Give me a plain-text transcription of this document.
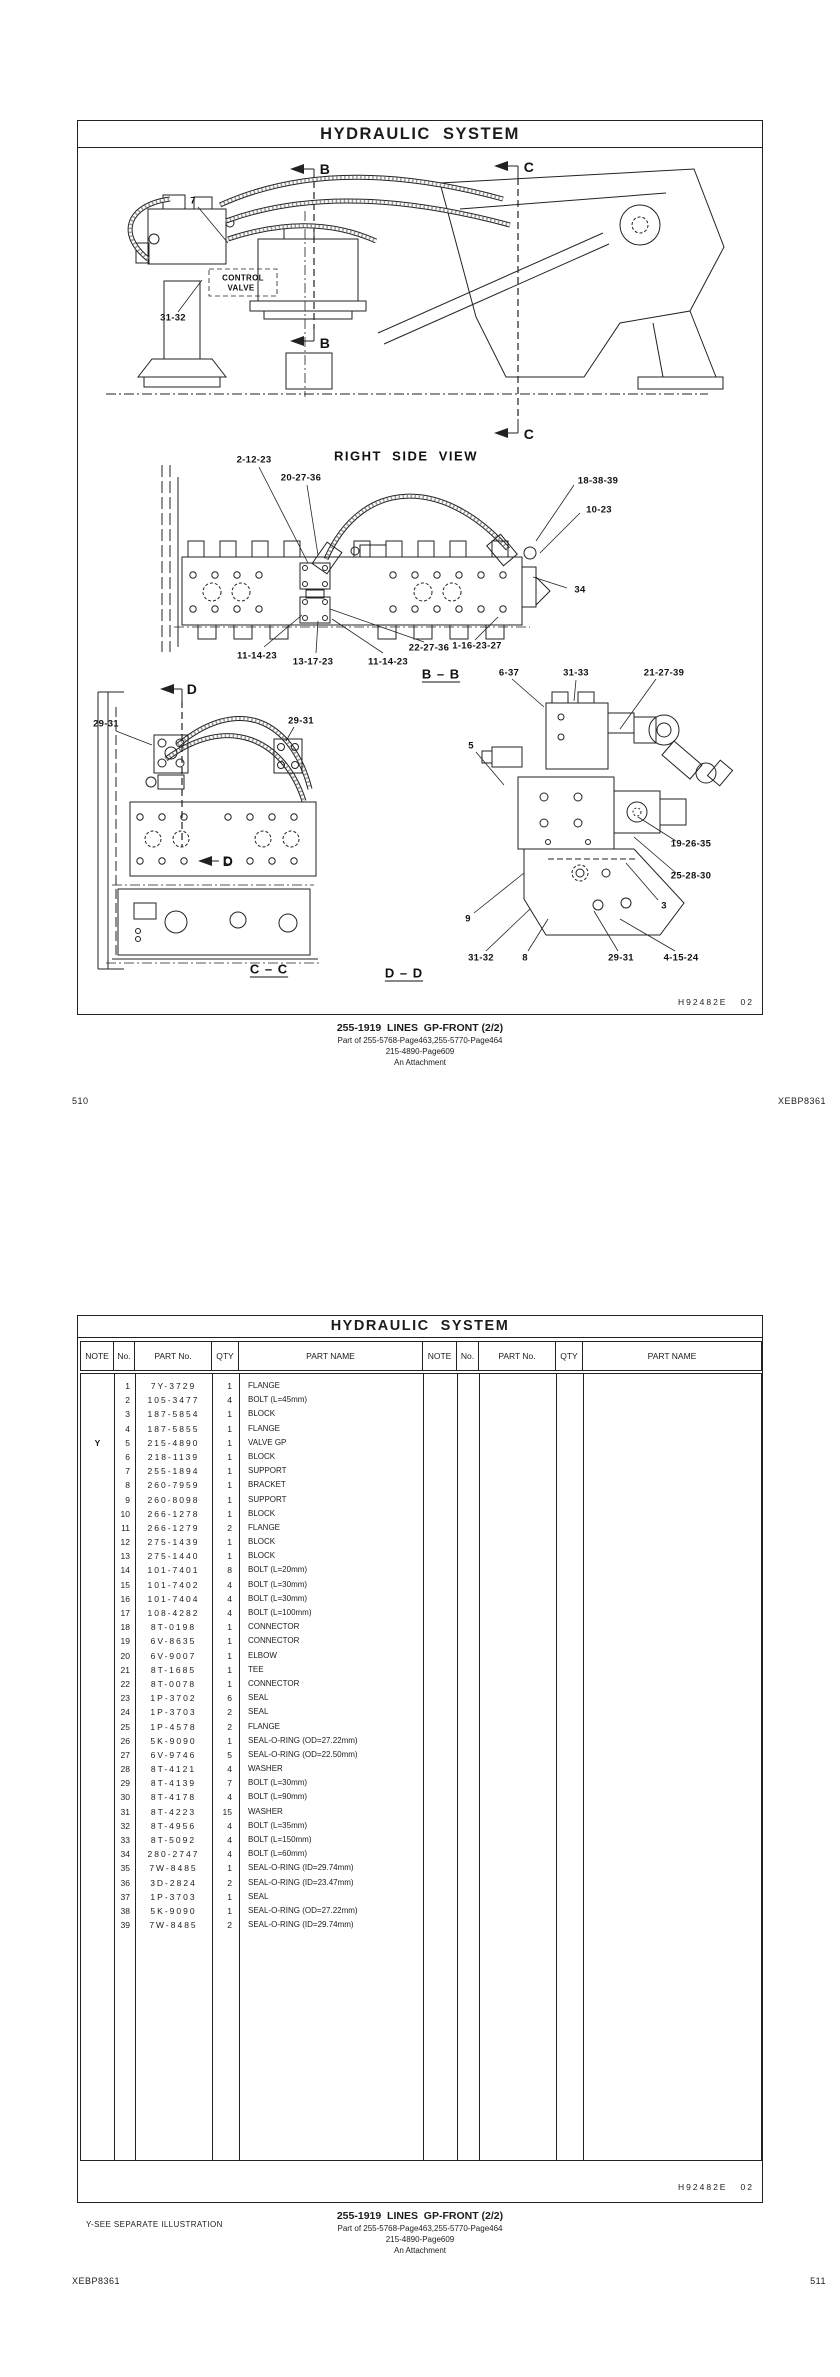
HYDRAULIC  SYSTEM
7
CONTROL
VALVE
31-32
B
B
C
C
RIGHT  SIDE  VIEW
2-12-23
20-27-36	18-38-39
10-23
34
11-14-23
13-17-23	11-14-23
22-27-36 1-16-23-27
B – B
D
D
29-31	29-31
C – C
6-37	31-33	21-27-39
5
19-26-35
25-28-30
3
9
31-32	8	29-31	4-15-24
D – D
H92482E   02
255-1919  LINES  GP-FRONT (2/2)
Part of 255-5768-Page463,255-5770-Page464
215-4890-Page609
An Attachment
510	XEBP8361
HYDRAULIC  SYSTEM
NOTE	No.	PART No.	QTY	PART NAME	NOTE	No.	PART No.	QTY	PART NAME
1	7Y-3729	1	FLANGE
2	105-3477	4	BOLT (L=45mm)
3	187-5854	1	BLOCK
4	187-5855	1	FLANGE
Y	5	215-4890	1	VALVE GP
6	218-1139	1	BLOCK
7	255-1894	1	SUPPORT
8	260-7959	1	BRACKET
9	260-8098	1	SUPPORT
10	266-1278	1	BLOCK
11	266-1279	2	FLANGE
12	275-1439	1	BLOCK
13	275-1440	1	BLOCK
14	101-7401	8	BOLT (L=20mm)
15	101-7402	4	BOLT (L=30mm)
16	101-7404	4	BOLT (L=30mm)
17	108-4282	4	BOLT (L=100mm)
18	8T-0198	1	CONNECTOR
19	6V-8635	1	CONNECTOR
20	6V-9007	1	ELBOW
21	8T-1685	1	TEE
22	8T-0078	1	CONNECTOR
23	1P-3702	6	SEAL
24	1P-3703	2	SEAL
25	1P-4578	2	FLANGE
26	5K-9090	1	SEAL-O-RING (OD=27.22mm)
27	6V-9746	5	SEAL-O-RING (OD=22.50mm)
28	8T-4121	4	WASHER
29	8T-4139	7	BOLT (L=30mm)
30	8T-4178	4	BOLT (L=90mm)
31	8T-4223	15	WASHER
32	8T-4956	4	BOLT (L=35mm)
33	8T-5092	4	BOLT (L=150mm)
34	280-2747	4	BOLT (L=60mm)
35	7W-8485	1	SEAL-O-RING (ID=29.74mm)
36	3D-2824	2	SEAL-O-RING (ID=23.47mm)
37	1P-3703	1	SEAL
38	5K-9090	1	SEAL-O-RING (OD=27.22mm)
39	7W-8485	2	SEAL-O-RING (ID=29.74mm)
Y-SEE SEPARATE ILLUSTRATION
H92482E   02
255-1919  LINES  GP-FRONT (2/2)
Part of 255-5768-Page463,255-5770-Page464
215-4890-Page609
An Attachment
XEBP8361	511
